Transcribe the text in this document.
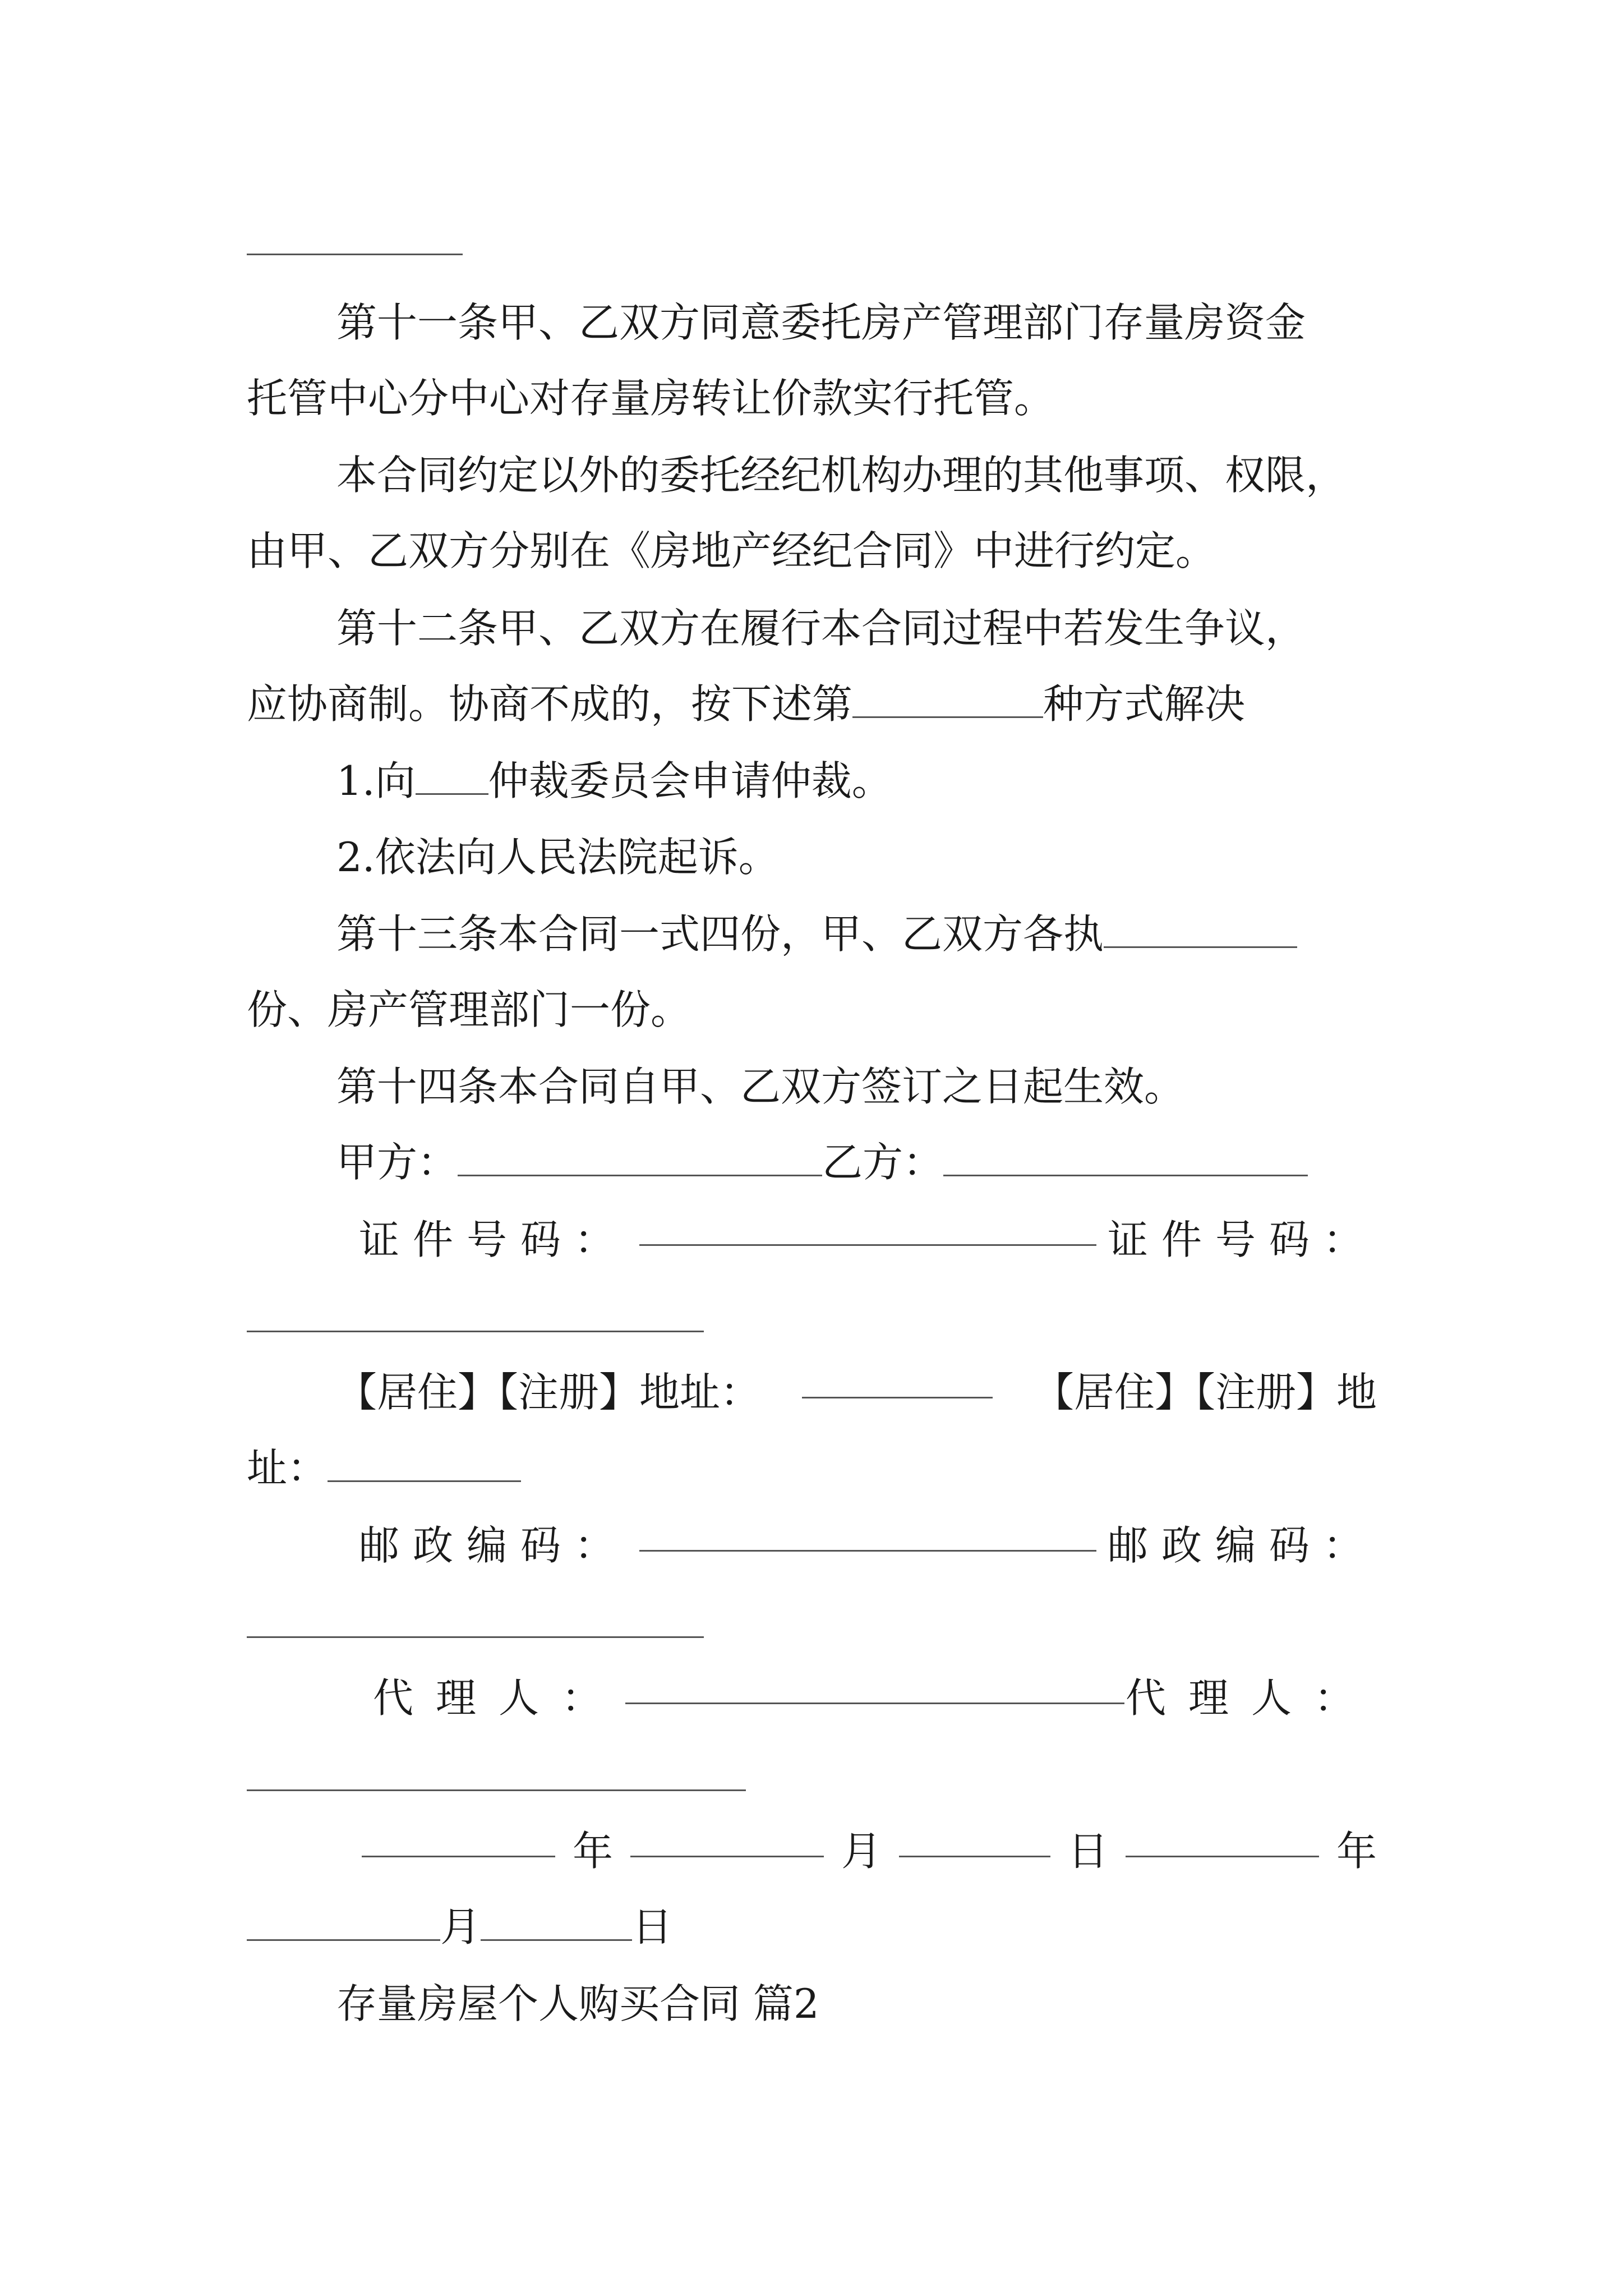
第十一条甲、乙双方同意委托房产管理部门存量房资金
托管中心分中心对存量房转让价款实行托管。
本合同约定以外的委托经纪机构办理的其他事项、权限，
由甲、乙双方分别在《房地产经纪合同》中进行约定。
第十二条甲、乙双方在履行本合同过程中若发生争议，
应协商制。协商不成的，按下述第	种方式解决
1.向 仲裁委员会申请仲裁。
2.依法向人民法院起诉。
第十三条本合同一式四份，甲、乙双方各执
份、房产管理部门一份。
第十四条本合同自甲、乙双方签订之日起生效。
甲方：	乙方：
证件号码：	证件号码：
【居住】【注册】地址：	【居住】【注册】地
址：
邮政编码：	邮政编码：
代理人：	代理人：
年	月	日	年
月	日
存量房屋个人购买合同 篇2
